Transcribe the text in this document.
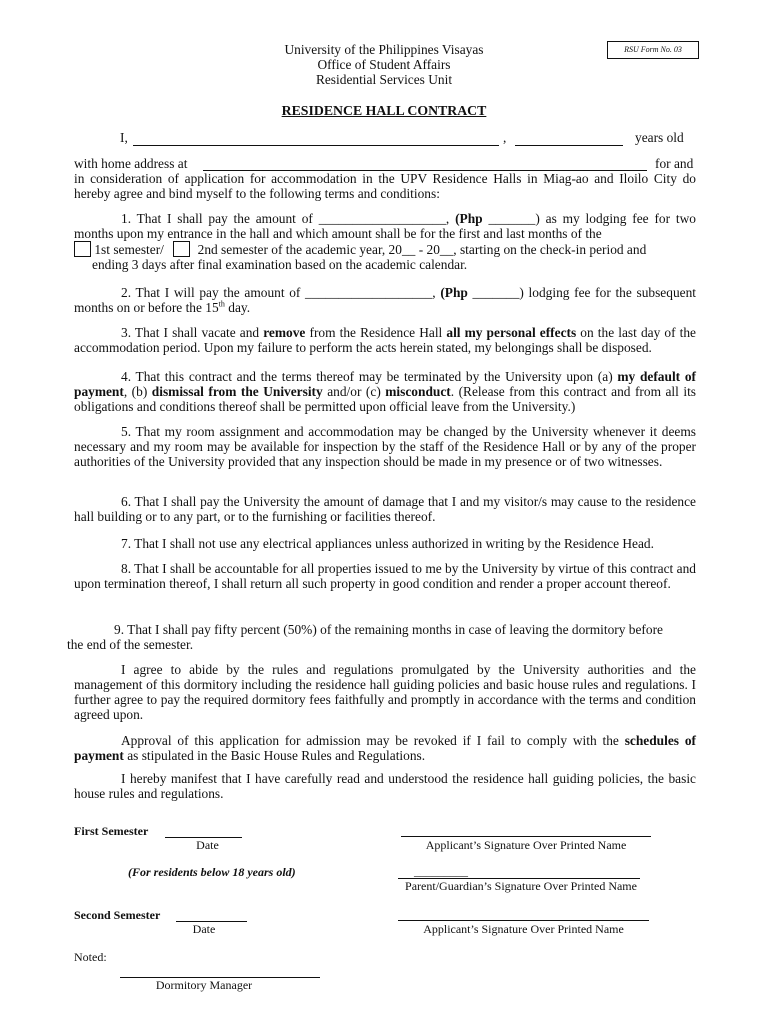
University of the Philippines Visayas
Office of Student Affairs
Residential Services Unit
RSU Form No. 03
RESIDENCE HALL CONTRACT
I,	,	years old
with home address at	for and
in consideration of application for accommodation in the UPV Residence Halls in Miag-ao and Iloilo City do hereby agree and bind myself to the following terms and conditions:
1. That I shall pay the amount of ___________________, (Php _______) as my lodging fee for two months upon my entrance in the hall and which amount shall be for the first and last months of the
1st semester/	2nd semester of the academic year, 20__ - 20__, starting on the check-in period and
ending 3 days after final examination based on the academic calendar.
2. That I will pay the amount of ___________________, (Php _______) lodging fee for the subsequent months on or before the 15th day.
3. That I shall vacate and remove from the Residence Hall all my personal effects on the last day of the accommodation period. Upon my failure to perform the acts herein stated, my belongings shall be disposed.
4. That this contract and the terms thereof may be terminated by the University upon (a) my default of payment, (b) dismissal from the University and/or (c) misconduct. (Release from this contract and from all its obligations and conditions thereof shall be permitted upon official leave from the University.)
5. That my room assignment and accommodation may be changed by the University whenever it deems necessary and my room may be available for inspection by the staff of the Residence Hall or by any of the proper authorities of the University provided that any inspection should be made in my presence or of two witnesses.
6. That I shall pay the University the amount of damage that I and my visitor/s may cause to the residence hall building or to any part, or to the furnishing or facilities thereof.
7. That I shall not use any electrical appliances unless authorized in writing by the Residence Head.
8. That I shall be accountable for all properties issued to me by the University by virtue of this contract and upon termination thereof, I shall return all such property in good condition and render a proper account thereof.
9. That I shall pay fifty percent (50%) of the remaining months in case of leaving the dormitory before
the end of the semester.
I agree to abide by the rules and regulations promulgated by the University authorities and the management of this dormitory including the residence hall guiding policies and basic house rules and regulations. I further agree to pay the required dormitory fees faithfully and promptly in accordance with the terms and condition agreed upon.
Approval of this application for admission may be revoked if I fail to comply with the schedules of payment as stipulated in the Basic House Rules and Regulations.
I hereby manifest that I have carefully read and understood the residence hall guiding policies, the basic house rules and regulations.
First Semester
Date	Applicant’s Signature Over Printed Name
(For residents below 18 years old)	_________
Parent/Guardian’s Signature Over Printed Name
Second Semester
Date	Applicant’s Signature Over Printed Name
Noted:
Dormitory Manager
